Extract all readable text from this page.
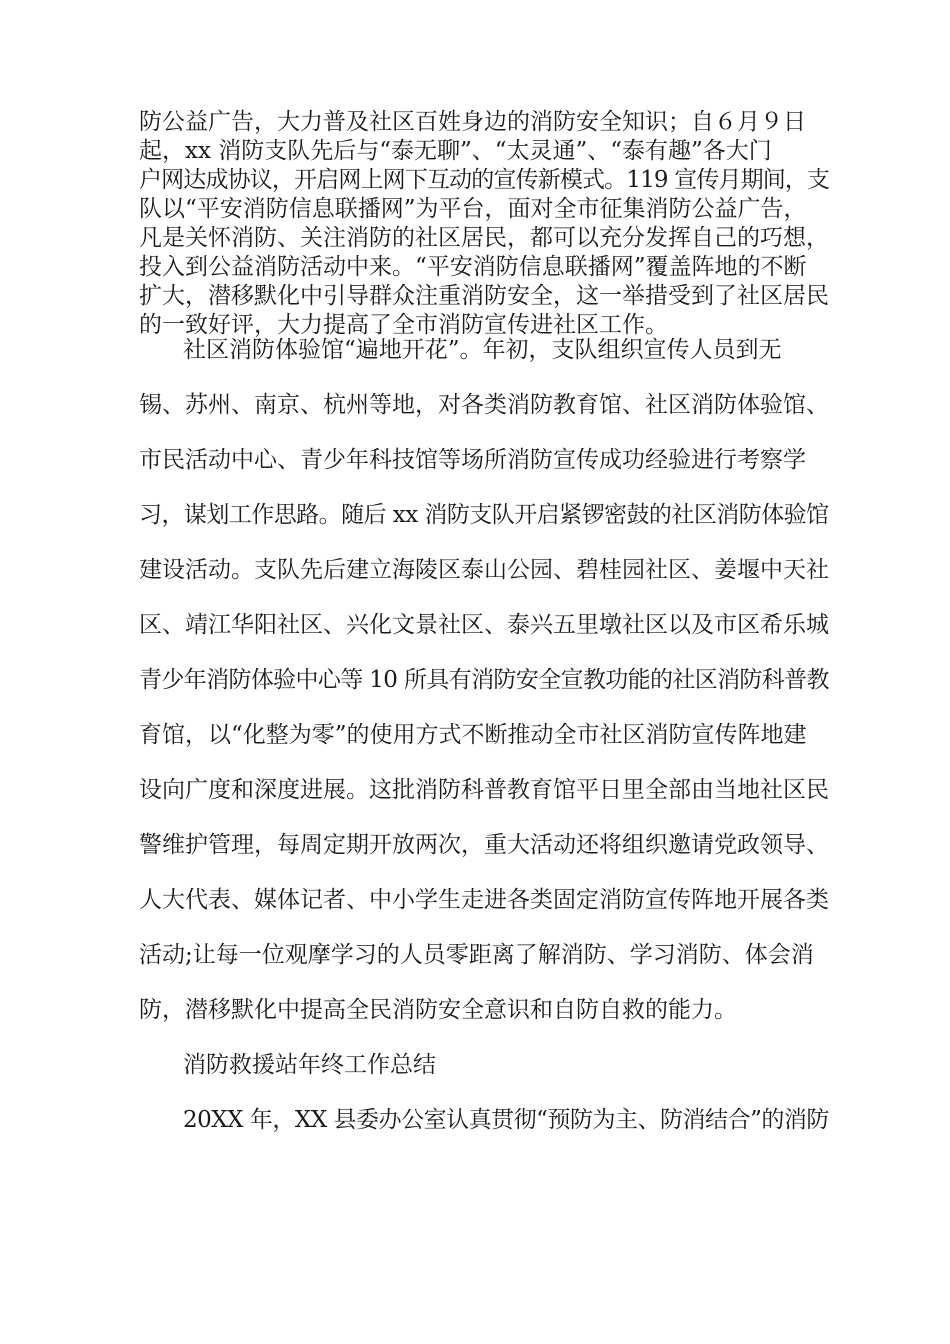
防公益广告，大力普及社区百姓身边的消防安全知识；自６月９日
起，xx 消防支队先后与“泰无聊”、“太灵通”、“泰有趣”各大门
户网达成协议，开启网上网下互动的宣传新模式。119 宣传月期间，支
队以“平安消防信息联播网”为平台，面对全市征集消防公益广告，
凡是关怀消防、关注消防的社区居民，都可以充分发挥自己的巧想，
投入到公益消防活动中来。“平安消防信息联播网”覆盖阵地的不断
扩大，潜移默化中引导群众注重消防安全，这一举措受到了社区居民
的一致好评，大力提高了全市消防宣传进社区工作。
社区消防体验馆“遍地开花”。年初，支队组织宣传人员到无
锡、苏州、南京、杭州等地，对各类消防教育馆、社区消防体验馆、
市民活动中心、青少年科技馆等场所消防宣传成功经验进行考察学
习，谋划工作思路。随后 xx 消防支队开启紧锣密鼓的社区消防体验馆
建设活动。支队先后建立海陵区泰山公园、碧桂园社区、姜堰中天社
区、靖江华阳社区、兴化文景社区、泰兴五里墩社区以及市区希乐城
青少年消防体验中心等 10 所具有消防安全宣教功能的社区消防科普教
育馆，以“化整为零”的使用方式不断推动全市社区消防宣传阵地建
设向广度和深度进展。这批消防科普教育馆平日里全部由当地社区民
警维护管理，每周定期开放两次，重大活动还将组织邀请党政领导、
人大代表、媒体记者、中小学生走进各类固定消防宣传阵地开展各类
活动;让每一位观摩学习的人员零距离了解消防、学习消防、体会消
防，潜移默化中提高全民消防安全意识和自防自救的能力。
消防救援站年终工作总结
20XX 年，XX 县委办公室认真贯彻“预防为主、防消结合”的消防
